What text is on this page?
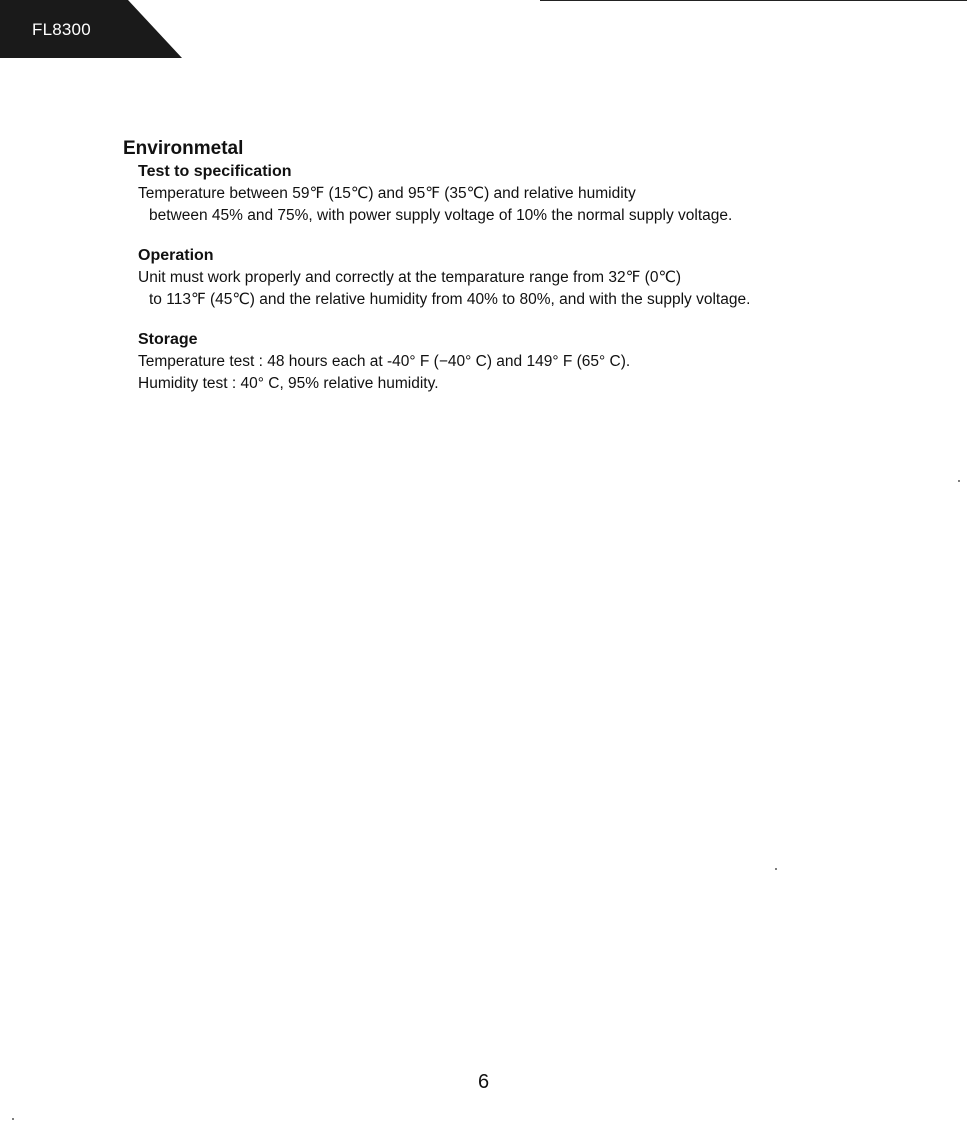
FL8300
Environmetal
Test to specification
Temperature between 59℉ (15℃) and 95℉ (35℃) and relative humidity
between 45% and 75%, with power supply voltage of 10% the normal supply voltage.
Operation
Unit must work properly and correctly at the temparature range from 32℉ (0℃)
to 113℉ (45℃) and the relative humidity from 40% to 80%, and with the supply voltage.
Storage
Temperature test : 48 hours each at -40° F (−40° C) and 149° F (65° C).
Humidity test : 40° C, 95% relative humidity.
6
